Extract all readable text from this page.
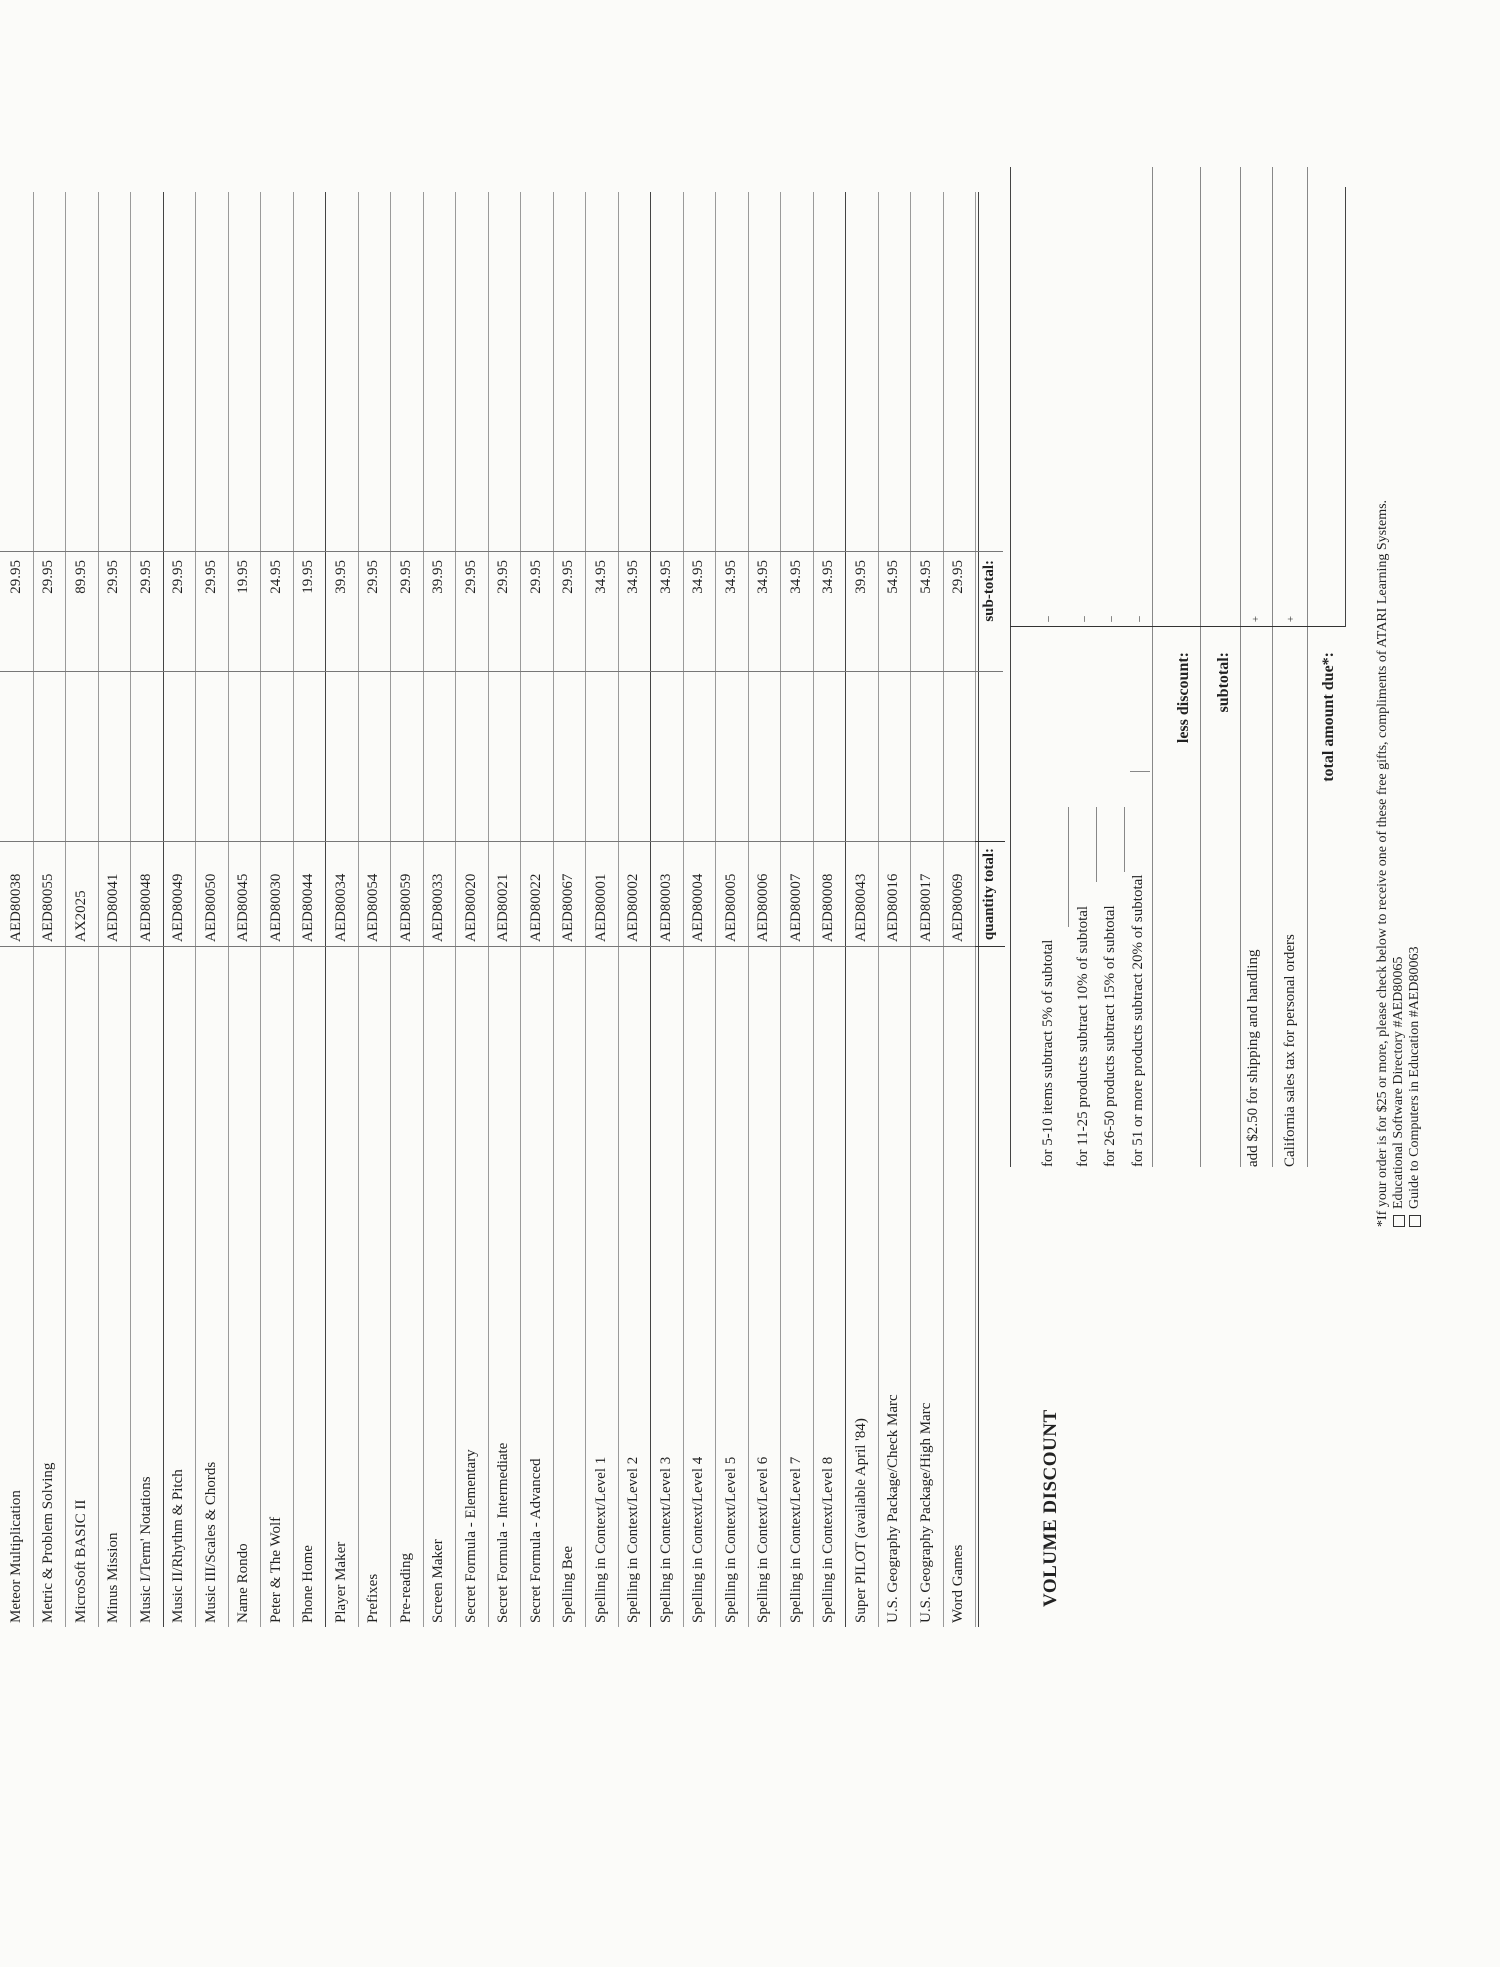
Meteor Multiplication
AED80038
29.95
Metric & Problem Solving
AED80055
29.95
MicroSoft BASIC II
AX2025
89.95
Minus Mission
AED80041
29.95
Music I/Term' Notations
AED80048
29.95
Music II/Rhythm & Pitch
AED80049
29.95
Music III/Scales & Chords
AED80050
29.95
Name Rondo
AED80045
19.95
Peter & The Wolf
AED80030
24.95
Phone Home
AED80044
19.95
Player Maker
AED80034
39.95
Prefixes
AED80054
29.95
Pre-reading
AED80059
29.95
Screen Maker
AED80033
39.95
Secret Formula - Elementary
AED80020
29.95
Secret Formula - Intermediate
AED80021
29.95
Secret Formula - Advanced
AED80022
29.95
Spelling Bee
AED80067
29.95
Spelling in Context/Level 1
AED80001
34.95
Spelling in Context/Level 2
AED80002
34.95
Spelling in Context/Level 3
AED80003
34.95
Spelling in Context/Level 4
AED80004
34.95
Spelling in Context/Level 5
AED80005
34.95
Spelling in Context/Level 6
AED80006
34.95
Spelling in Context/Level 7
AED80007
34.95
Spelling in Context/Level 8
AED80008
34.95
Super PILOT (available April '84)
AED80043
39.95
U.S. Geography Package/Check Marc
AED80016
54.95
U.S. Geography Package/High Marc
AED80017
54.95
Word Games
AED80069
29.95
quantity total:
sub-total:
VOLUME DISCOUNT
for 5-10 items subtract 5% of subtotal for 11-25 products subtract 10% of subtotal for 26-50 products subtract 15% of subtotal for 51 or more products subtract 20% of subtotal
less discount: subtotal:
add $2.50 for shipping and handling California sales tax for personal orders
total amount due*:
– – – –	+ +	*If your order is for $25 or more, please check below to receive one of these free gifts, compliments of ATARI Learning Systems. Educational Software Directory #AED80065 Guide to Computers in Education #AED80063
